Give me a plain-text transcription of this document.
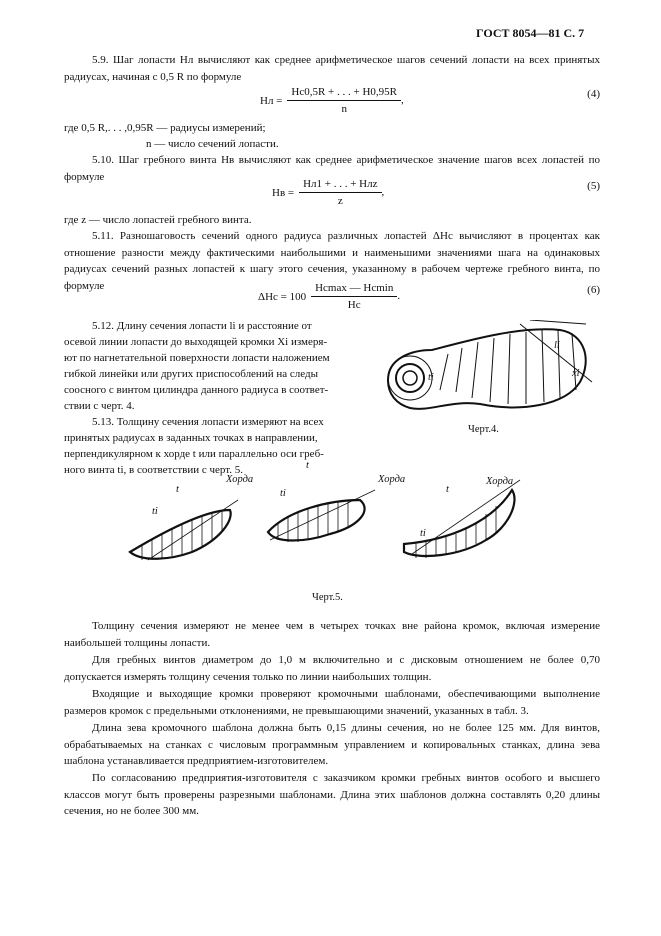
ГОСТ 8054—81 С. 7
5.9. Шаг лопасти Hл вычисляют как среднее арифметическое шагов сечений лопасти на всех принятых радиусах, начиная с 0,5 R по формуле
Hл = $\frac{Hс0,5R + . . . + H0,95R}{n}$ ,
(4)
где 0,5 R,. . . ,0,95R — радиусы измерений;
n — число сечений лопасти.
5.10. Шаг гребного винта Hв вычисляют как среднее арифметическое значение шагов всех лопастей по формуле
Hв = $\frac{\text{Hл1 + . . . + Hлz}}{z}$ ,
(5)
где z — число лопастей гребного винта.
5.11. Разношаговость сечений одного радиуса различных лопастей ΔHс вычисляют в процентах как отношение разности между фактическими наибольшими и наименьшими значениями шага на одинаковых радиусах сечений разных лопастей к шагу этого сечения, указанному в рабочем чертеже гребного винта, по формуле
$\Delta Hс = 100 \frac{Hс\max — Hс\min}{Hс}$ .
(6)
5.12. Длину сечения лопасти lі и расстояние от
осевой линии лопасти до выходящей кромки Xі измеря-
ют по нагнетательной поверхности лопасти наложением
гибкой линейки или других приспособлений на следы
соосного с винтом цилиндра данного радиуса в соответ-
ствии с черт. 4.
5.13. Толщину сечения лопасти измеряют на всех
принятых радиусах в заданных точках в направлении,
перпендикулярном к хорде t или параллельно оси греб-
ного винта tі, в соответствии с черт. 5.
lі
xі
tі
Черт.4.
t
tі
Хорда
t
tі
Хорда
t
tі
Хорда
Черт.5.
Толщину сечения измеряют не менее чем в четырех точках вне района кромок, включая измерение наибольшей толщины лопасти.
Для гребных винтов диаметром до 1,0 м включительно и с дисковым отношением не более 0,70 допускается измерять толщину сечения только по линии наибольших толщин.
Входящие и выходящие кромки проверяют кромочными шаблонами, обеспечивающими выполнение размеров кромок с предельными отклонениями, не превышающими значений, указанных в табл. 3.
Длина зева кромочного шаблона должна быть 0,15 длины сечения, но не более 125 мм. Для винтов, обрабатываемых на станках с числовым программным управлением и копировальных станках, длина зева шаблона устанавливается предприятием-изготовителем.
По согласованию предприятия-изготовителя с заказчиком кромки гребных винтов особого и высшего классов могут быть проверены разрезными шаблонами. Длина этих шаблонов должна составлять 0,20 длины сечения, но не более 300 мм.
